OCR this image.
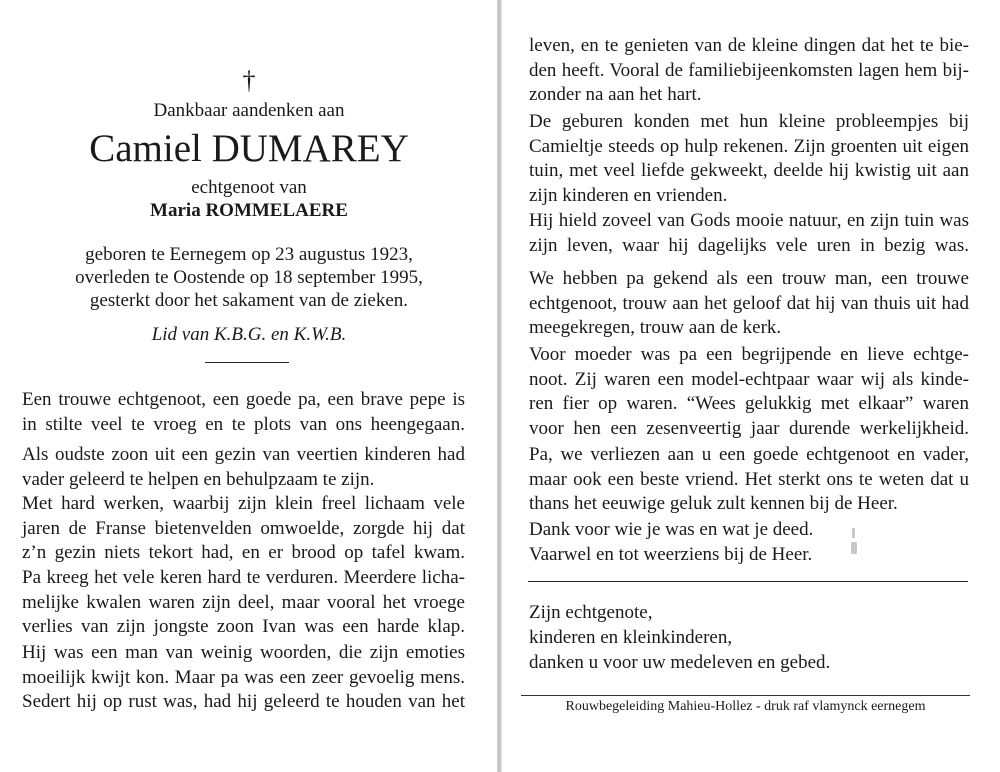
†
Dankbaar aandenken aan
Camiel DUMAREY
echtgenoot van
Maria ROMMELAERE
geboren te Eernegem op 23 augustus 1923,
overleden te Oostende op 18 september 1995,
gesterkt door het sakament van de zieken.
Lid van K.B.G. en K.W.B.
Een trouwe echtgenoot, een goede pa, een brave pepe is
in stilte veel te vroeg en te plots van ons heengegaan.
Als oudste zoon uit een gezin van veertien kinderen had
vader geleerd te helpen en behulpzaam te zijn.
Met hard werken, waarbij zijn klein freel lichaam vele
jaren de Franse bietenvelden omwoelde, zorgde hij dat
z’n gezin niets tekort had, en er brood op tafel kwam.
Pa kreeg het vele keren hard te verduren. Meerdere licha-
melijke kwalen waren zijn deel, maar vooral het vroege
verlies van zijn jongste zoon Ivan was een harde klap.
Hij was een man van weinig woorden, die zijn emoties
moeilijk kwijt kon. Maar pa was een zeer gevoelig mens.
Sedert hij op rust was, had hij geleerd te houden van het
leven, en te genieten van de kleine dingen dat het te bie-
den heeft. Vooral de familiebijeenkomsten lagen hem bij-
zonder na aan het hart.
De geburen konden met hun kleine probleempjes bij
Camieltje steeds op hulp rekenen. Zijn groenten uit eigen
tuin, met veel liefde gekweekt, deelde hij kwistig uit aan
zijn kinderen en vrienden.
Hij hield zoveel van Gods mooie natuur, en zijn tuin was
zijn leven, waar hij dagelijks vele uren in bezig was.
We hebben pa gekend als een trouw man, een trouwe
echtgenoot, trouw aan het geloof dat hij van thuis uit had
meegekregen, trouw aan de kerk.
Voor moeder was pa een begrijpende en lieve echtge-
noot. Zij waren een model-echtpaar waar wij als kinde-
ren fier op waren. “Wees gelukkig met elkaar” waren
voor hen een zesenveertig jaar durende werkelijkheid.
Pa, we verliezen aan u een goede echtgenoot en vader,
maar ook een beste vriend. Het sterkt ons te weten dat u
thans het eeuwige geluk zult kennen bij de Heer.
Dank voor wie je was en wat je deed.
Vaarwel en tot weerziens bij de Heer.
Zijn echtgenote,
kinderen en kleinkinderen,
danken u voor uw medeleven en gebed.
Rouwbegeleiding Mahieu-Hollez - druk raf vlamynck eernegem
